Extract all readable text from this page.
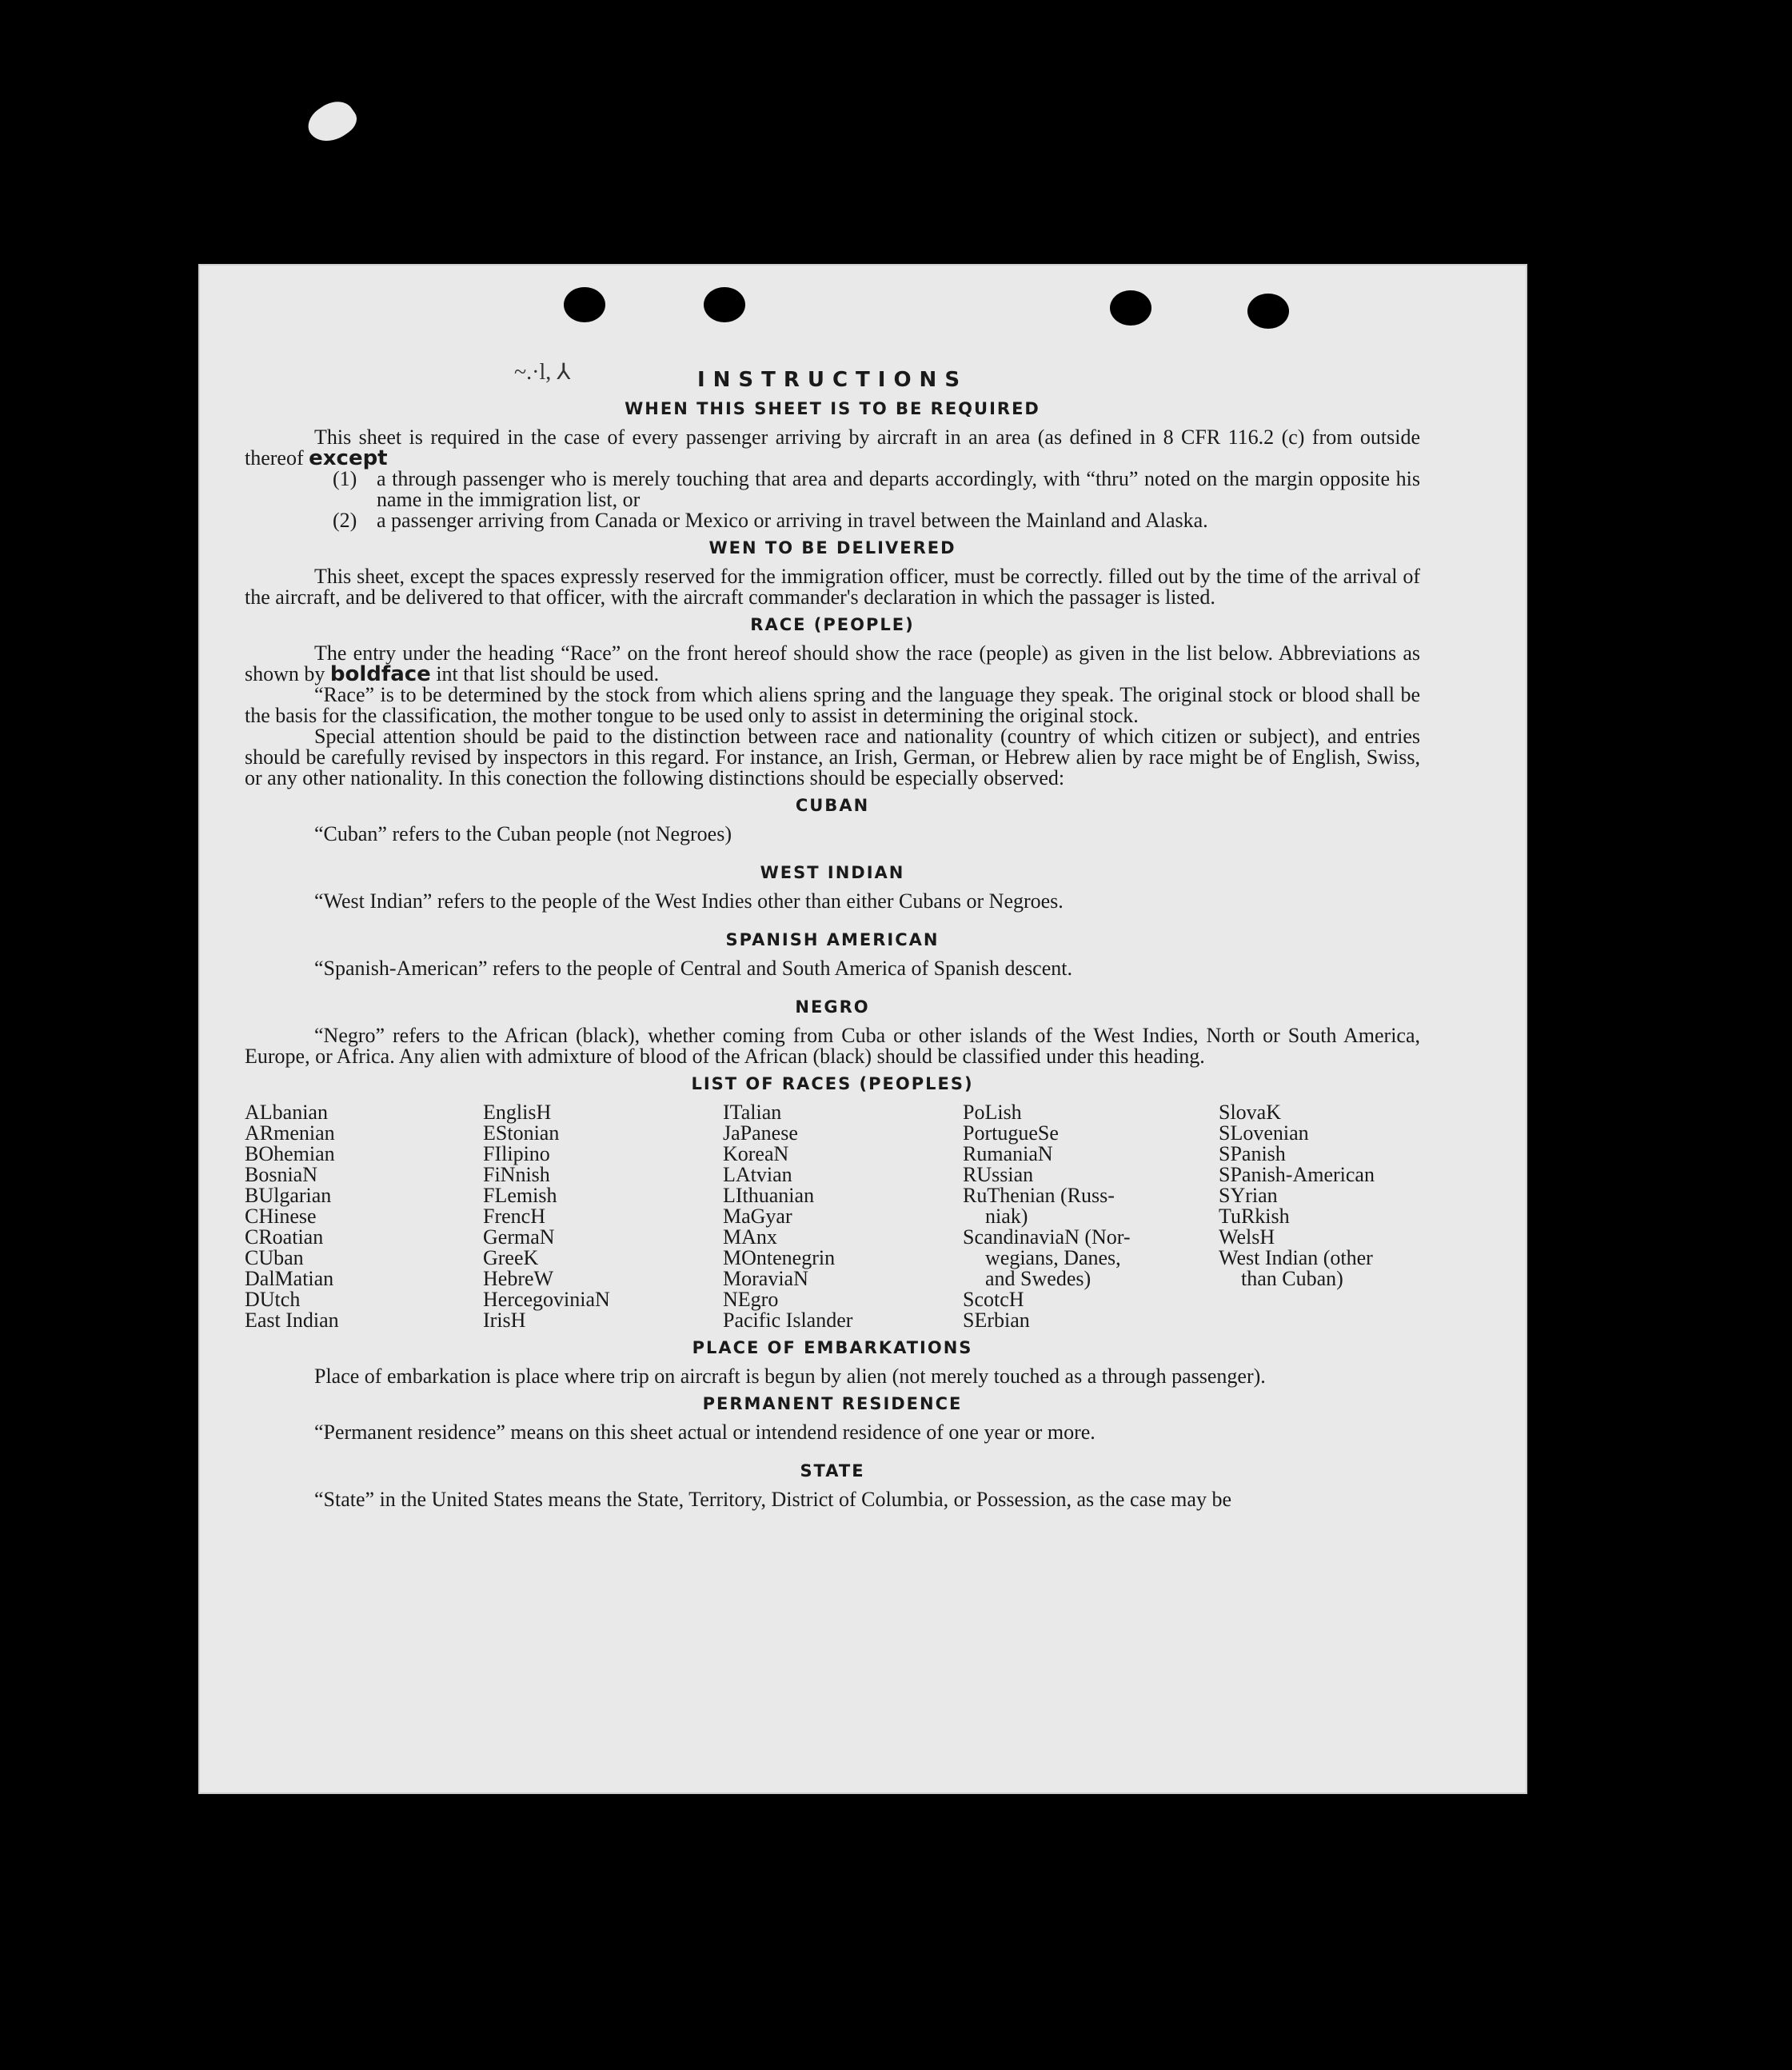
~.·l, ⅄	INSTRUCTIONS
WHEN THIS SHEET IS TO BE REQUIRED

This sheet is required in the case of every passenger arriving by aircraft in an area (as defined in 8 CFR 116.2 (c) from outside thereof except

(1) a through passenger who is merely touching that area and departs accordingly, with “thru” noted on the margin opposite his name in the immigration list, or
(2) a passenger arriving from Canada or Mexico or arriving in travel between the Mainland and Alaska.
WEN TO BE DELIVERED

This sheet, except the spaces expressly reserved for the immigration officer, must be correctly. filled out by the time of the arrival of the aircraft, and be delivered to that officer, with the aircraft commander's declaration in which the passager is listed.

RACE (PEOPLE)

The entry under the heading “Race” on the front hereof should show the race (people) as given in the list below. Abbreviations as shown by boldface int that list should be used.

“Race” is to be determined by the stock from which aliens spring and the language they speak. The original stock or blood shall be the basis for the classification, the mother tongue to be used only to assist in determining the original stock.

Special attention should be paid to the distinction between race and nationality (country of which citizen or subject), and entries should be carefully revised by inspectors in this regard. For instance, an Irish, German, or Hebrew alien by race might be of English, Swiss, or any other nationality. In this conection the following distinctions should be especially observed:

CUBAN

“Cuban” refers to the Cuban people (not Negroes)

WEST INDIAN

“West Indian” refers to the people of the West Indies other than either Cubans or Negroes.

SPANISH AMERICAN

“Spanish-American” refers to the people of Central and South America of Spanish descent.

NEGRO

“Negro” refers to the African (black), whether coming from Cuba or other islands of the West Indies, North or South America, Europe, or Africa. Any alien with admixture of blood of the African (black) should be classified under this heading.

LIST OF RACES (PEOPLES)
ALbanian
ARmenian
BOhemian
BosniaN
BUlgarian
CHinese
CRoatian
CUban
DalMatian
DUtch
East Indian
EnglisH
EStonian
FIlipino
FiNnish
FLemish
FrencH
GermaN
GreeK
HebreW
HercegoviniaN
IrisH
ITalian
JaPanese
KoreaN
LAtvian
LIthuanian
MaGyar
MAnx
MOntenegrin
MoraviaN
NEgro
Pacific Islander
PoLish
PortugueSe
RumaniaN
RUssian
RuThenian (Russ-
niak)
ScandinaviaN (Nor-
wegians, Danes,
and Swedes)
ScotcH
SErbian
SlovaK
SLovenian
SPanish
SPanish-American
SYrian
TuRkish
WelsH
West Indian (other
than Cuban)
PLACE OF EMBARKATIONS

Place of embarkation is place where trip on aircraft is begun by alien (not merely touched as a through passenger).

PERMANENT RESIDENCE

“Permanent residence” means on this sheet actual or intendend residence of one year or more.

STATE

“State” in the United States means the State, Territory, District of Columbia, or Possession, as the case may be
